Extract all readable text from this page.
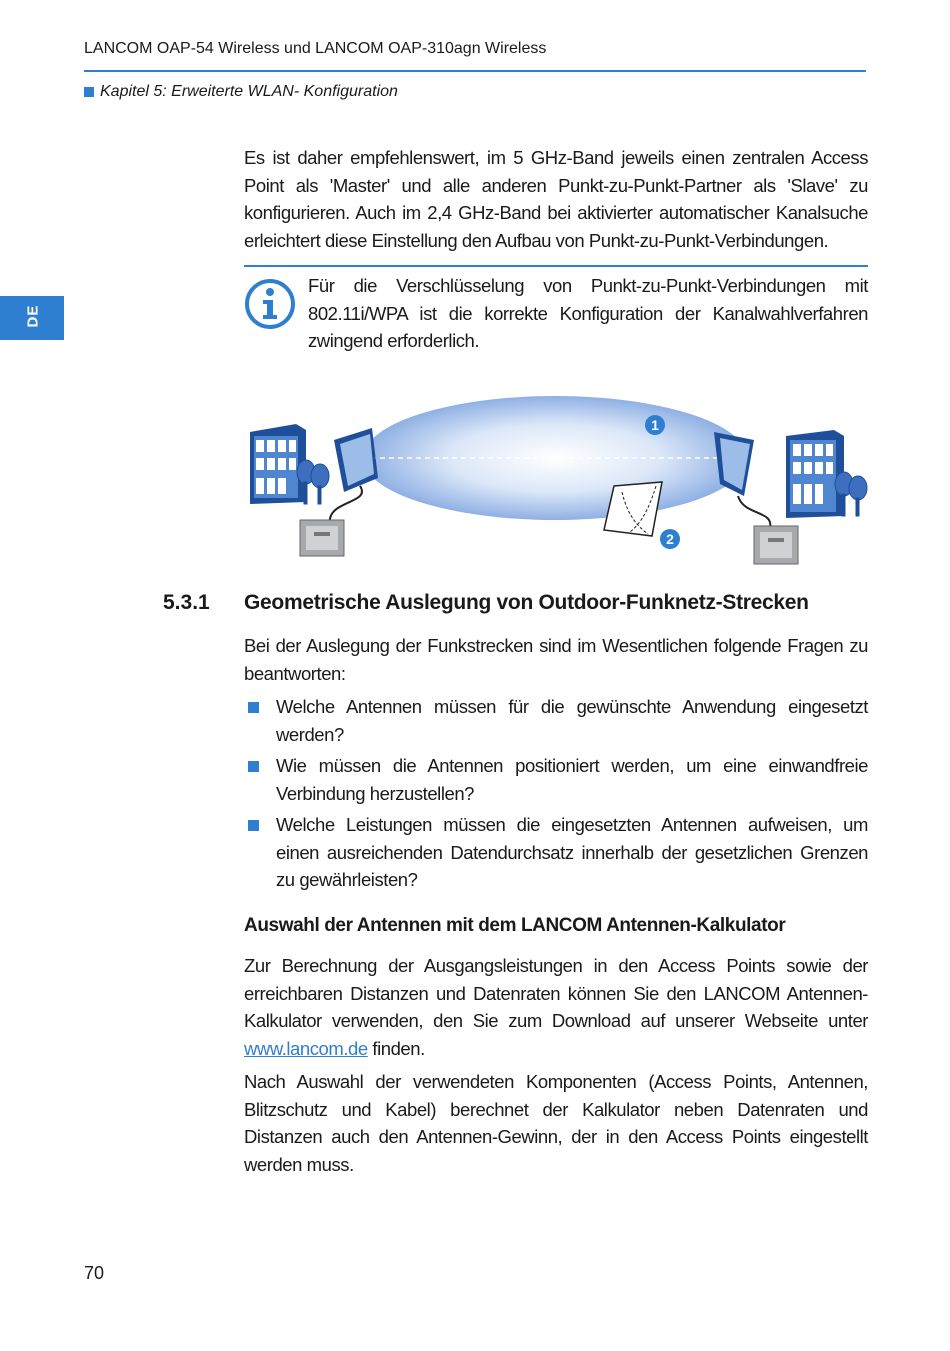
LANCOM OAP-54 Wireless und LANCOM OAP-310agn Wireless
Kapitel 5: Erweiterte WLAN- Konfiguration
DE
Es ist daher empfehlenswert, im 5 GHz-Band jeweils einen zentralen Access Point als 'Master' und alle anderen Punkt-zu-Punkt-Partner als 'Slave' zu konfigurieren. Auch im 2,4 GHz-Band bei aktivierter automatischer Kanalsuche erleichtert diese Einstellung den Aufbau von Punkt-zu-Punkt-Verbindungen.
Für die Verschlüsselung von Punkt-zu-Punkt-Verbindungen mit 802.11i/WPA ist die korrekte Konfiguration der Kanalwahlverfahren zwingend erforderlich.
1
2
5.3.1 Geometrische Auslegung von Outdoor-Funknetz-Strecken
Bei der Auslegung der Funkstrecken sind im Wesentlichen folgende Fragen zu beantworten:
Welche Antennen müssen für die gewünschte Anwendung eingesetzt werden?
Wie müssen die Antennen positioniert werden, um eine einwandfreie Verbindung herzustellen?
Welche Leistungen müssen die eingesetzten Antennen aufweisen, um einen ausreichenden Datendurchsatz innerhalb der gesetzlichen Grenzen zu gewährleisten?
Auswahl der Antennen mit dem LANCOM Antennen-Kalkulator
Zur Berechnung der Ausgangsleistungen in den Access Points sowie der erreichbaren Distanzen und Datenraten können Sie den LANCOM Antennen-Kalkulator verwenden, den Sie zum Download auf unserer Webseite unter www.lancom.de finden.
Nach Auswahl der verwendeten Komponenten (Access Points, Antennen, Blitzschutz und Kabel) berechnet der Kalkulator neben Datenraten und Distanzen auch den Antennen-Gewinn, der in den Access Points eingestellt werden muss.
70
